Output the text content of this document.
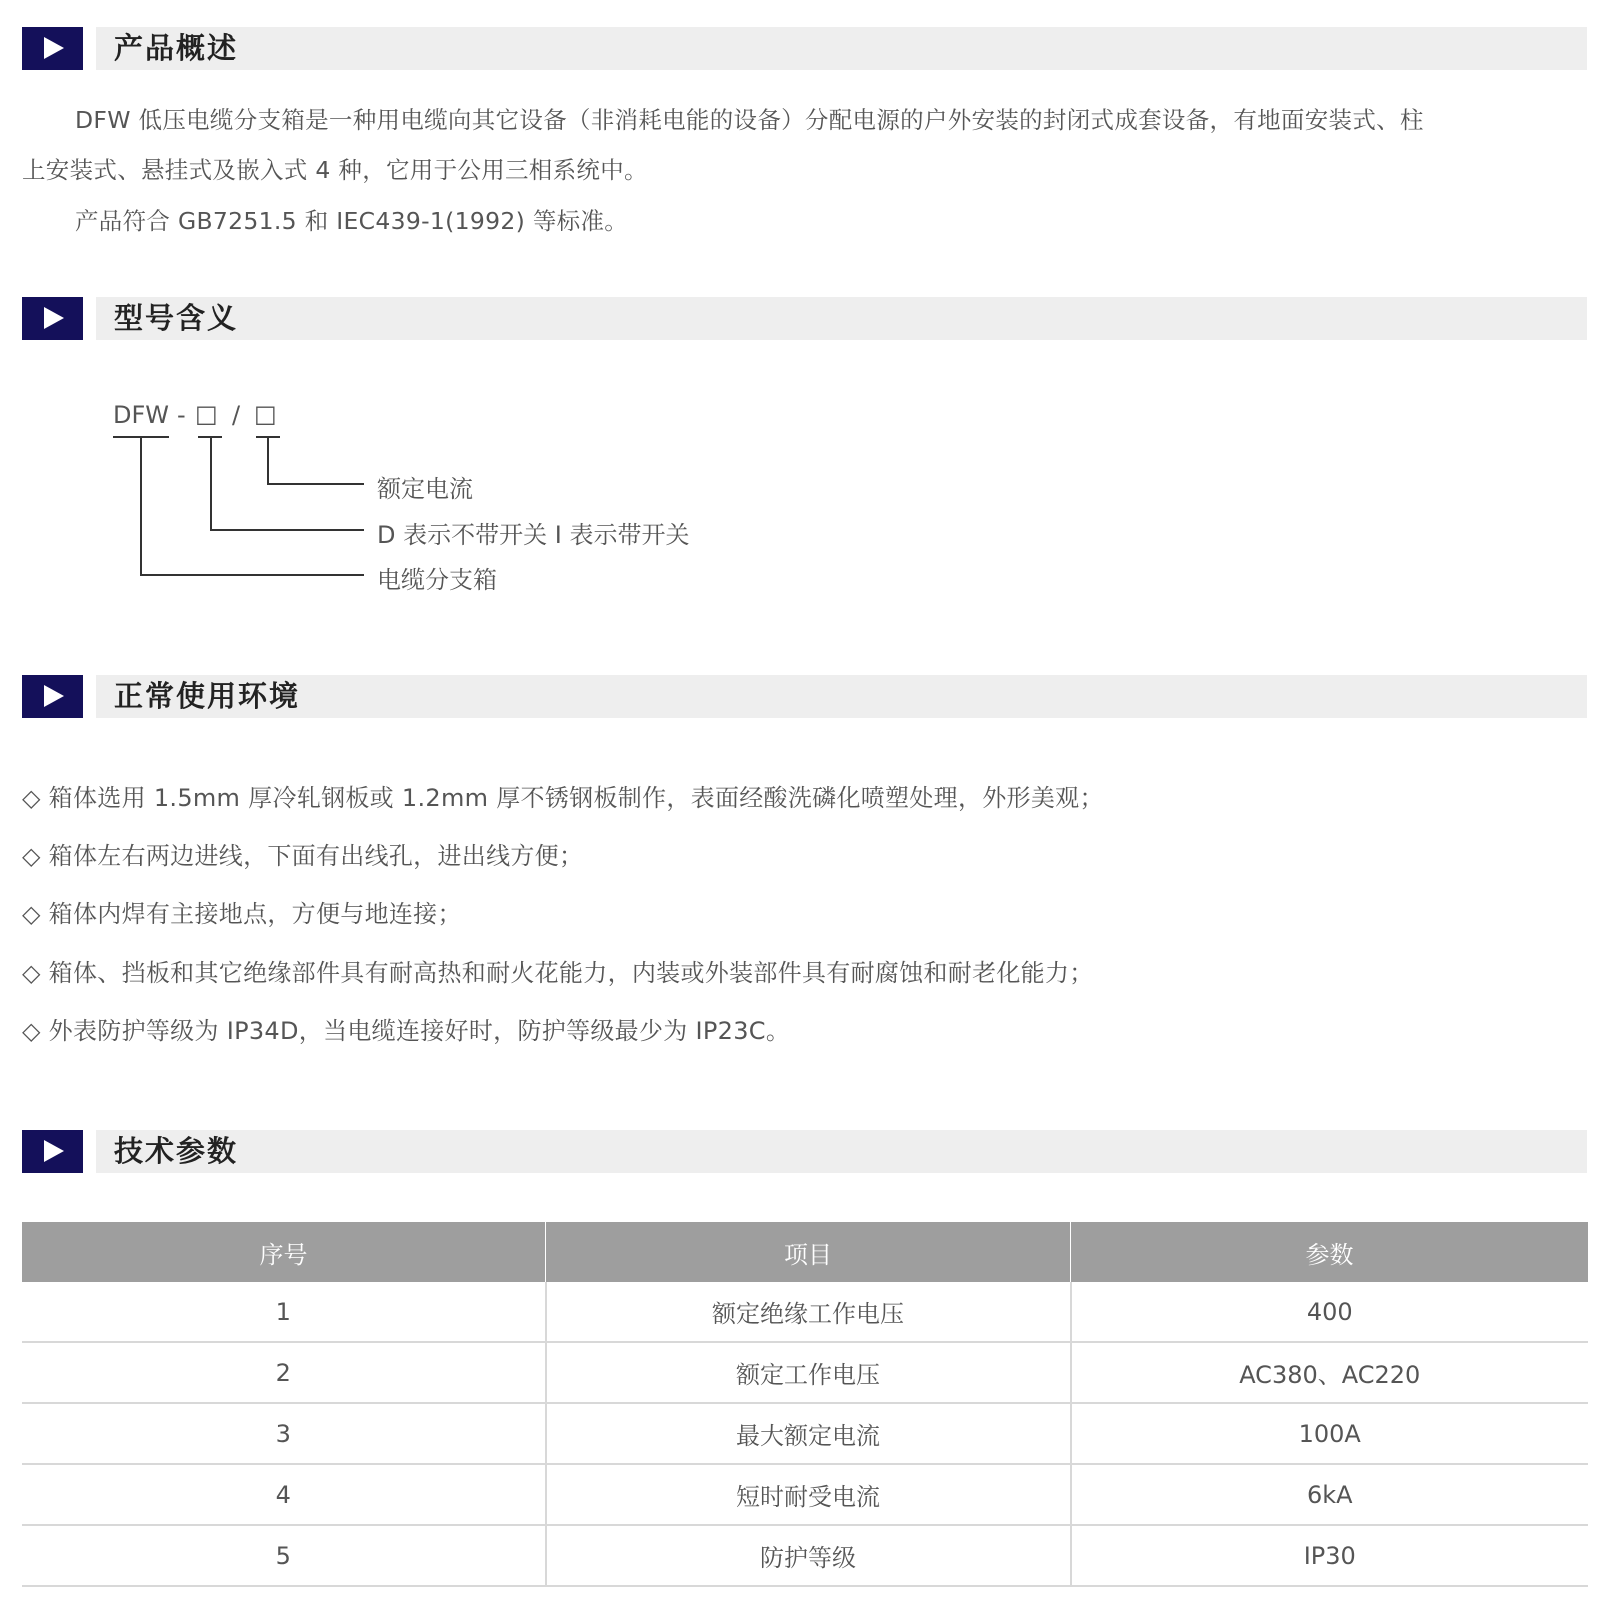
产品概述
DFW 低压电缆分支箱是一种用电缆向其它设备（非消耗电能的设备）分配电源的户外安装的封闭式成套设备，有地面安装式、柱
上安装式、悬挂式及嵌入式 4 种，它用于公用三相系统中。
产品符合 GB7251.5 和 IEC439-1(1992) 等标准。
型号含义
DFW - □ / □
额定电流
D 表示不带开关 I 表示带开关
电缆分支箱
正常使用环境
◇ 箱体选用 1.5mm 厚冷轧钢板或 1.2mm 厚不锈钢板制作，表面经酸洗磷化喷塑处理，外形美观；
◇ 箱体左右两边进线，下面有出线孔，进出线方便；
◇ 箱体内焊有主接地点，方便与地连接；
◇ 箱体、挡板和其它绝缘部件具有耐高热和耐火花能力，内装或外装部件具有耐腐蚀和耐老化能力；
◇ 外表防护等级为 IP34D，当电缆连接好时，防护等级最少为 IP23C。
技术参数
序号	项目	参数
1	额定绝缘工作电压	400
2	额定工作电压	AC380、AC220
3	最大额定电流	100A
4	短时耐受电流	6kA
5	防护等级	IP30
